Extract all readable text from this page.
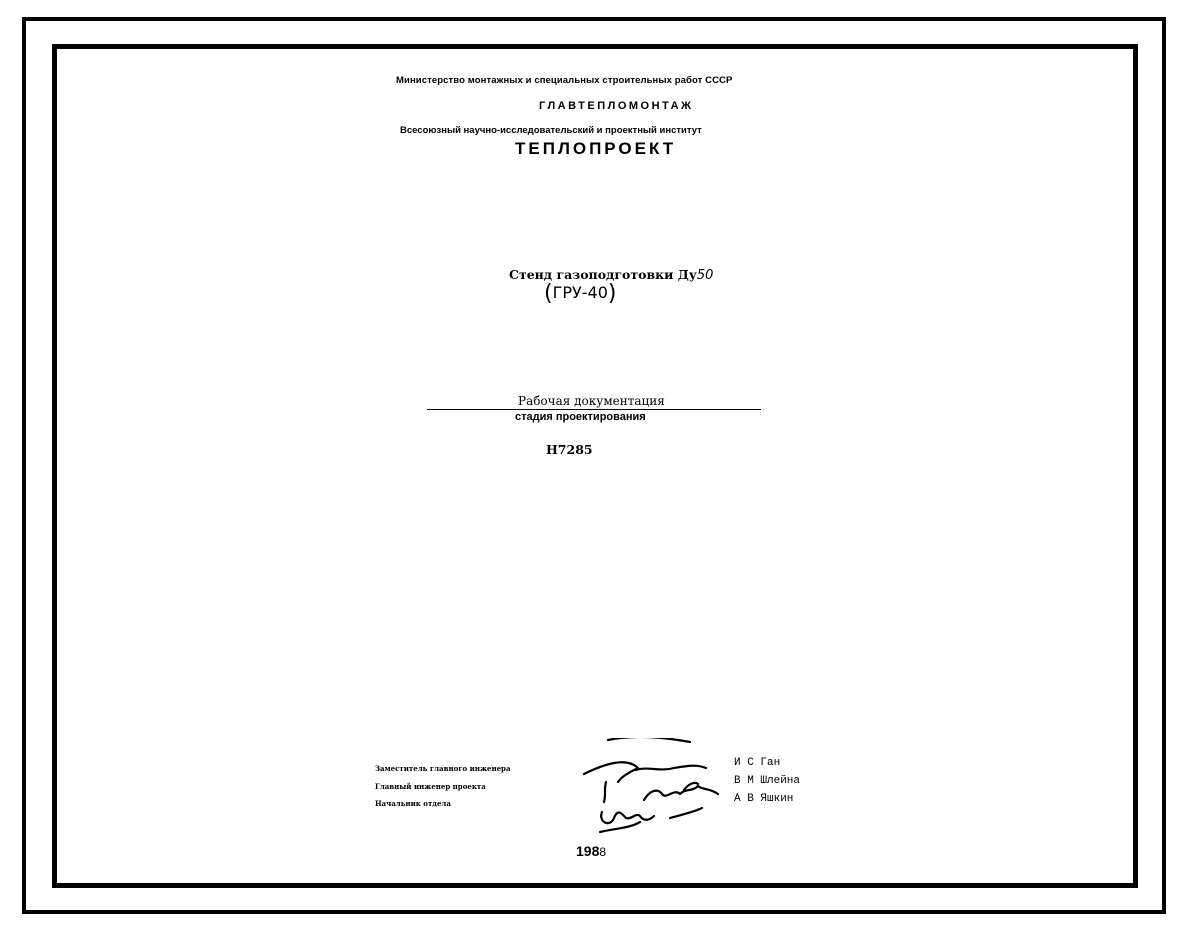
Министерство монтажных и специальных строительных работ СССР
ГЛАВТЕПЛОМОНТАЖ
Всесоюзный научно-исследовательский и проектный институт
ТЕПЛОПРОЕКТ
Стенд газоподготовки Ду50
(ГРУ-40)
Рабочая документация
стадия проектирования
Н7285
Заместитель главного инженера
Главный инженер проекта
Начальник отдела
И С Ган
В М Шлейна
А В Яшкин
1988
